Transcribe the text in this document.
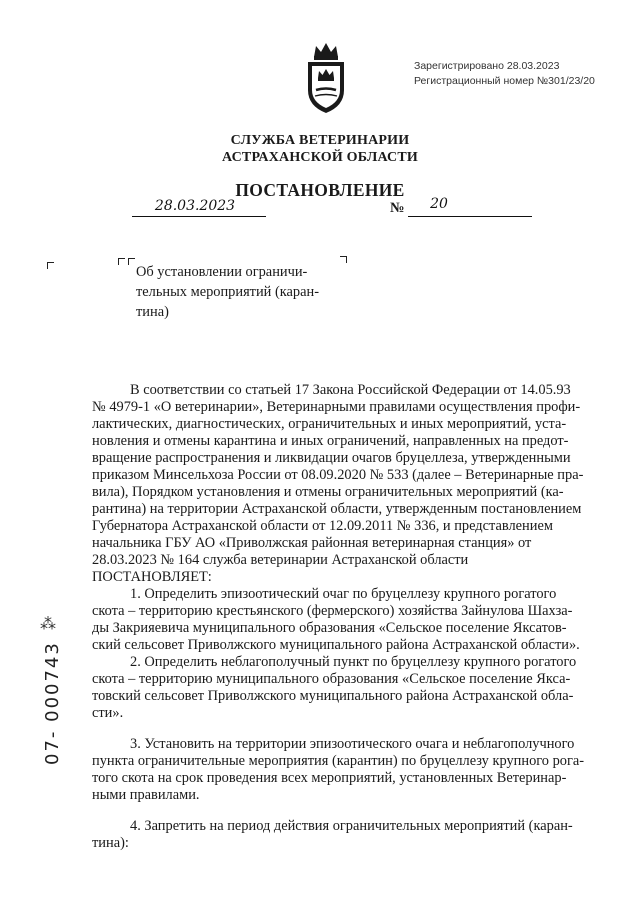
Зарегистрировано 28.03.2023
Регистрационный номер №301/23/20
СЛУЖБА ВЕТЕРИНАРИИ
АСТРАХАНСКОЙ ОБЛАСТИ
ПОСТАНОВЛЕНИЕ
28.03.2023	№	20
Об установлении ограничи-
тельных мероприятий (каран-
тина)

В соответствии со статьей 17 Закона Российской Федерации от 14.05.93

№ 4979-1 «О ветеринарии», Ветеринарными правилами осуществления профи-

лактических, диагностических, ограничительных и иных мероприятий, уста-

новления и отмены карантина и иных ограничений, направленных на предот-

вращение распространения и ликвидации очагов бруцеллеза, утвержденными

приказом Минсельхоза России от 08.09.2020 № 533 (далее – Ветеринарные пра-

вила), Порядком установления и отмены ограничительных мероприятий (ка-

рантина) на территории Астраханской области, утвержденным постановлением

Губернатора Астраханской области от 12.09.2011 № 336, и представлением

начальника ГБУ АО «Приволжская районная ветеринарная станция» от

28.03.2023 № 164 служба ветеринарии Астраханской области

ПОСТАНОВЛЯЕТ:

1. Определить эпизоотический очаг по бруцеллезу крупного рогатого

скота – территорию крестьянского (фермерского) хозяйства Зайнулова Шахза-

ды Закрияевича муниципального образования «Сельское поселение Яксатов-

ский сельсовет Приволжского муниципального района Астраханской области».

2. Определить неблагополучный пункт по бруцеллезу крупного рогатого

скота – территорию муниципального образования «Сельское поселение Якса-

товский сельсовет Приволжского муниципального района Астраханской обла-

сти».

3. Установить на территории эпизоотического очага и неблагополучного

пункта ограничительные мероприятия (карантин) по бруцеллезу крупного рога-

того скота на срок проведения всех мероприятий, установленных Ветеринар-

ными правилами.

4. Запретить на период действия ограничительных мероприятий (каран-

тина):

⁂
07- 000743
